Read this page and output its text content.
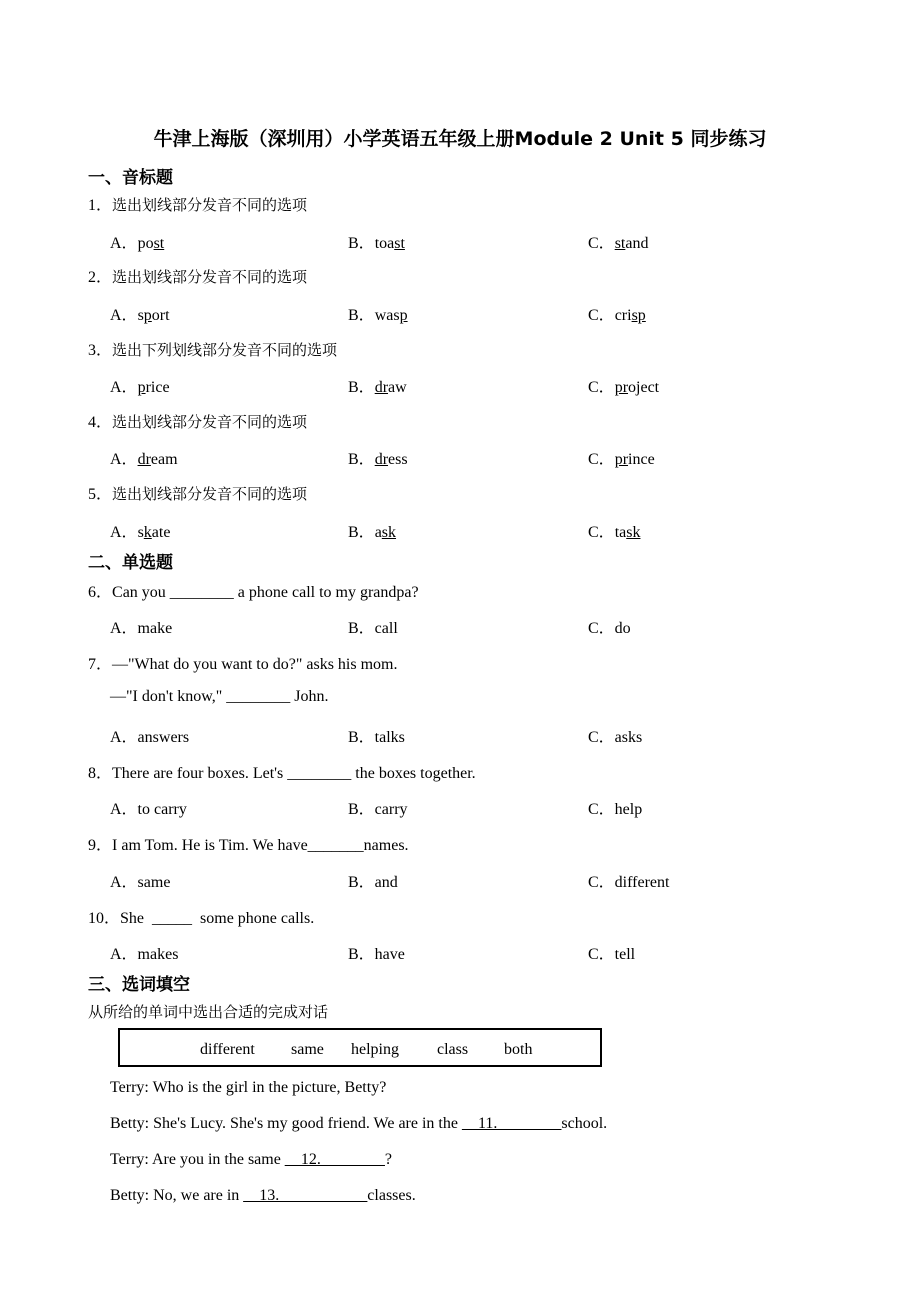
牛津上海版（深圳用）小学英语五年级上册Module 2 Unit 5 同步练习
一、音标题
1．选出划线部分发音不同的选项
A．post	B．toast	C．stand
2．选出划线部分发音不同的选项
A．sport	B．wasp	C．crisp
3．选出下列划线部分发音不同的选项
A．price	B．draw	C．project
4．选出划线部分发音不同的选项
A．dream	B．dress	C．prince
5．选出划线部分发音不同的选项
A．skate	B．ask	C．task
二、单选题
6．Can you ________ a phone call to my grandpa?
A．make	B．call	C．do
7．—"What do you want to do?" asks his mom.
—"I don't know," ________ John.
A．answers	B．talks	C．asks
8．There are four boxes. Let's ________ the boxes together.
A．to carry	B．carry	C．help
9．I am Tom. He is Tim. We have_______names.
A．same	B．and	C．different
10．She  _____  some phone calls.
A．makes	B．have	C．tell
三、选词填空
从所给的单词中选出合适的完成对话
different same helping class both
Terry: Who is the girl in the picture, Betty?
Betty: She's Lucy. She's my good friend. We are in the __11.________school.
Terry: Are you in the same __12.________?
Betty: No, we are in __13.___________classes.
